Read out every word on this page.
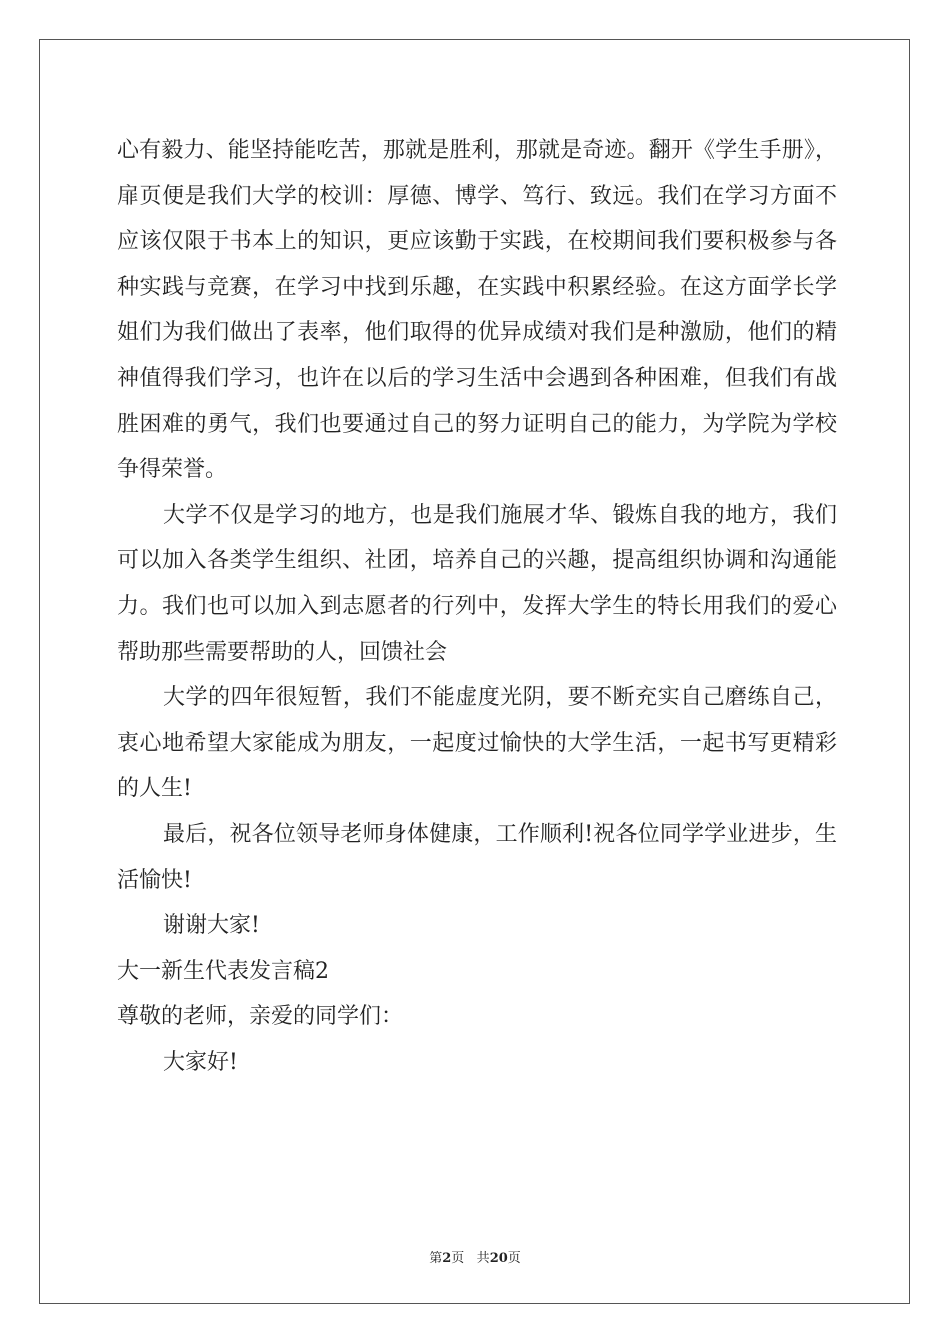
心有毅力、能坚持能吃苦，那就是胜利，那就是奇迹。翻开《学生手册》，扉页便是我们大学的校训：厚德、博学、笃行、致远。我们在学习方面不应该仅限于书本上的知识，更应该勤于实践，在校期间我们要积极参与各种实践与竞赛，在学习中找到乐趣，在实践中积累经验。在这方面学长学姐们为我们做出了表率，他们取得的优异成绩对我们是种激励，他们的精神值得我们学习，也许在以后的学习生活中会遇到各种困难，但我们有战胜困难的勇气，我们也要通过自己的努力证明自己的能力，为学院为学校争得荣誉。

大学不仅是学习的地方，也是我们施展才华、锻炼自我的地方，我们可以加入各类学生组织、社团，培养自己的兴趣，提高组织协调和沟通能力。我们也可以加入到志愿者的行列中，发挥大学生的特长用我们的爱心帮助那些需要帮助的人，回馈社会

大学的四年很短暂，我们不能虚度光阴，要不断充实自己磨练自己，衷心地希望大家能成为朋友，一起度过愉快的大学生活，一起书写更精彩的人生!

最后，祝各位领导老师身体健康，工作顺利!祝各位同学学业进步，生活愉快!

谢谢大家!

大一新生代表发言稿2

尊敬的老师，亲爱的同学们：

大家好!

第2页 共20页
